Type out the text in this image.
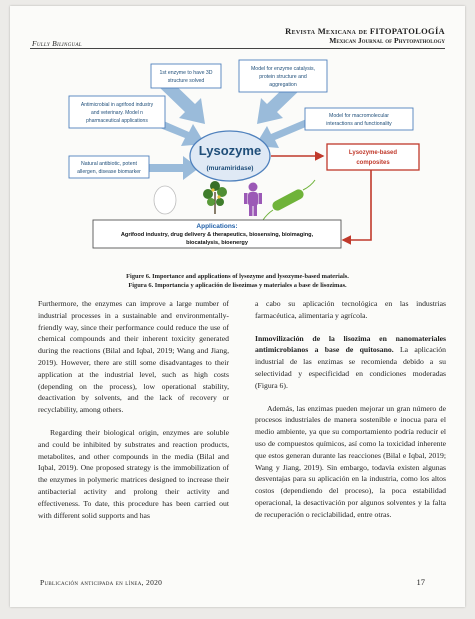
Fully Bilingual
Revista Mexicana de FITOPATOLOGÍA
Mexican Journal of Phytopathology
Lysozyme
(muramiridase)
1st enzyme to have 3D
structure solved
Model for enzyme catalysis,
protein structure and
aggregation
Antimicrobial in agrifood industry
and veterinary. Model n
pharmaceutical applications
Model for macromolecular
interactions and functionality
Natural antibiotic, potent
allergen, disease biomarker
Lysozyme-based
composites
Applications:
Agrifood industry, drug delivery & therapeutics, biosensing, bioimaging,
biocatalysis, bioenergy
Figure 6. Importance and applications of lysozyme and lysozyme-based materials.
Figura 6. Importancia y aplicación de lisozimas y materiales a base de lisozimas.

Furthermore, the enzymes can improve a large number of industrial processes in a sustainable and environmentally-friendly way, since their performance could reduce the use of chemical compounds and their inherent toxicity generated during the reactions (Bilal and Iqbal, 2019; Wang and Jiang, 2019). However, there are still some disadvantages to their application at the industrial level, such as high costs (depending on the process), low operational stability, deactivation by solvents, and the lack of recovery or recyclability, among others.

Regarding their biological origin, enzymes are soluble and could be inhibited by substrates and reaction products, metabolites, and other compounds in the media (Bilal and Iqbal, 2019). One proposed strategy is the immobilization of the enzymes in polymeric matrices designed to increase their antibacterial activity and prolong their activity and effectiveness. To date, this procedure has been carried out with different solid supports and has

a cabo su aplicación tecnológica en las industrias farmacéutica, alimentaria y agrícola.

Inmovilización de la lisozima en nanomateriales antimicrobianos a base de quitosano. La aplicación industrial de las enzimas se recomienda debido a su selectividad y especificidad en condiciones moderadas (Figura 6).

Además, las enzimas pueden mejorar un gran número de procesos industriales de manera sostenible e inocua para el medio ambiente, ya que su comportamiento podría reducir el uso de compuestos químicos, así como la toxicidad inherente que estos generan durante las reacciones (Bilal e Iqbal, 2019; Wang y Jiang, 2019). Sin embargo, todavía existen algunas desventajas para su aplicación en la industria, como los altos costos (dependiendo del proceso), la poca estabilidad operacional, la desactivación por algunos solventes y la falta de recuperación o reciclabilidad, entre otras.

Publicación anticipada en línea, 2020	17
